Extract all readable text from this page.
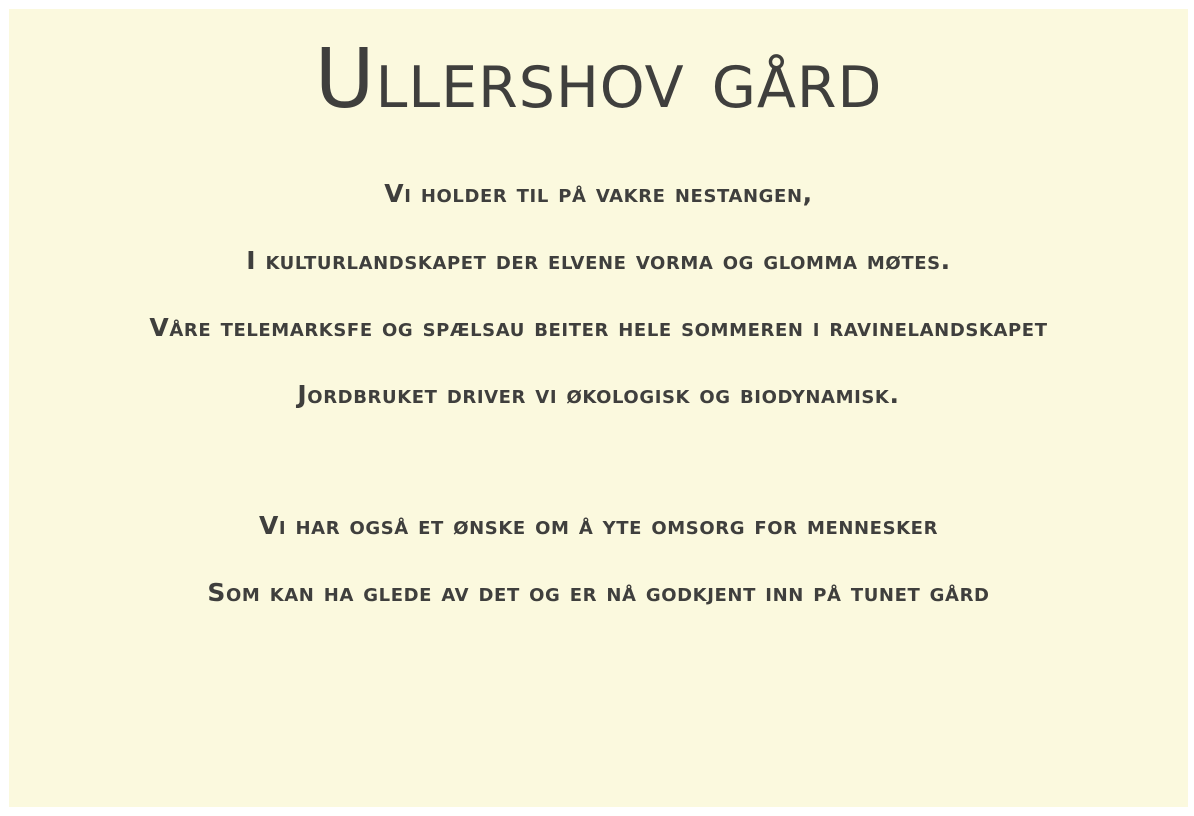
Ullershov gård

Vi holder til på vakre nestangen,

I kulturlandskapet der elvene vorma og glomma møtes.

Våre telemarksfe og spælsau beiter hele sommeren i ravinelandskapet

Jordbruket driver vi økologisk og biodynamisk.

Vi har også et ønske om å yte omsorg for mennesker

Som kan ha glede av det og er nå godkjent inn på tunet gård
